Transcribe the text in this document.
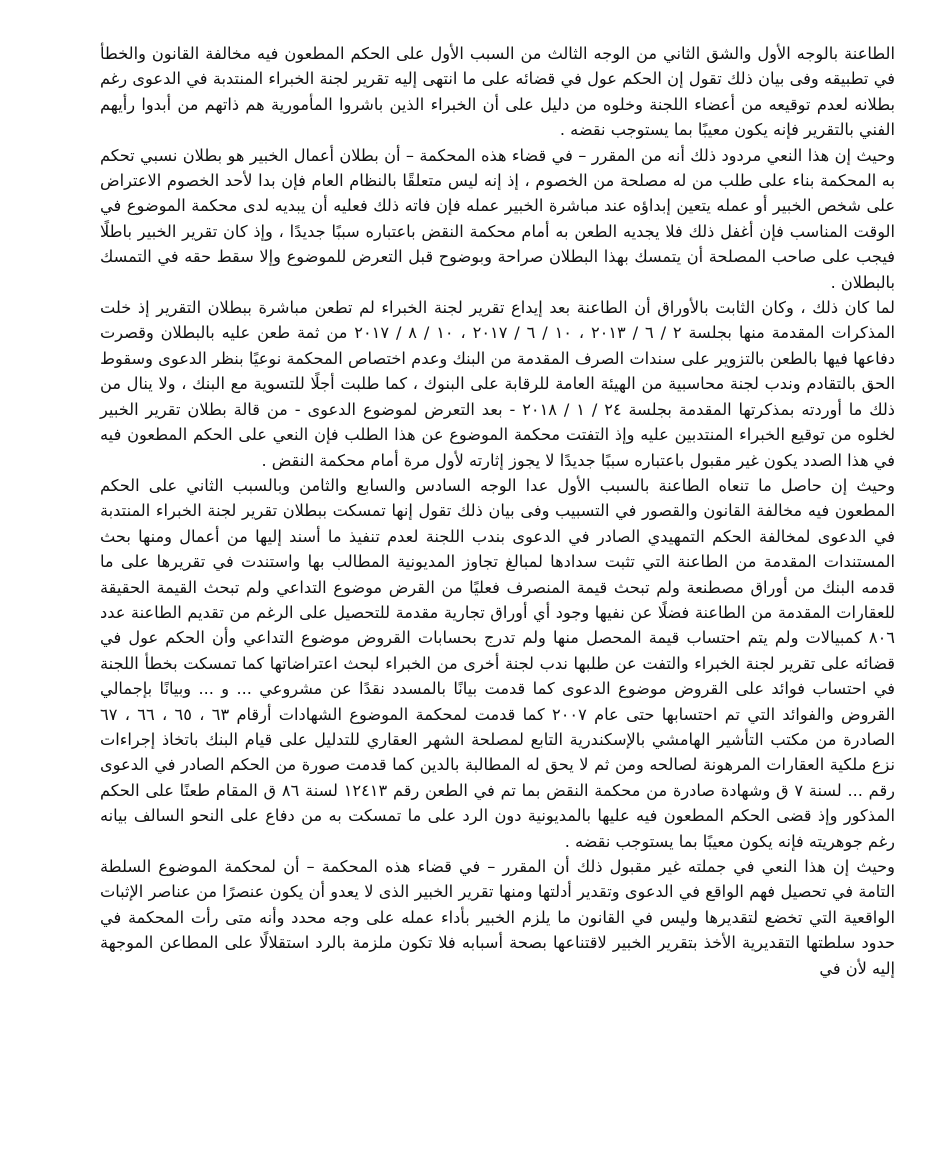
الطاعنة بالوجه الأول والشق الثاني من الوجه الثالث من السبب الأول على الحكم المطعون فيه مخالفة القانون والخطأ في تطبيقه وفى بيان ذلك تقول إن الحكم عول في قضائه على ما انتهى إليه تقرير لجنة الخبراء المنتدبة في الدعوى رغم بطلانه لعدم توقيعه من أعضاء اللجنة وخلوه من دليل على أن الخبراء الذين باشروا المأمورية هم ذاتهم من أبدوا رأيهم الفني بالتقرير فإنه يكون معيبًا بما يستوجب نقضه .

وحيث إن هذا النعي مردود ذلك أنه من المقرر – في قضاء هذه المحكمة – أن بطلان أعمال الخبير هو بطلان نسبي تحكم به المحكمة بناء على طلب من له مصلحة من الخصوم ، إذ إنه ليس متعلقًا بالنظام العام فإن بدا لأحد الخصوم الاعتراض على شخص الخبير أو عمله يتعين إبداؤه عند مباشرة الخبير عمله فإن فاته ذلك فعليه أن يبديه لدى محكمة الموضوع في الوقت المناسب فإن أغفل ذلك فلا يجديه الطعن به أمام محكمة النقض باعتباره سببًا جديدًا ، وإذ كان تقرير الخبير باطلًا فيجب على صاحب المصلحة أن يتمسك بهذا البطلان صراحة وبوضوح قبل التعرض للموضوع وإلا سقط حقه في التمسك بالبطلان .

لما كان ذلك ، وكان الثابت بالأوراق أن الطاعنة بعد إيداع تقرير لجنة الخبراء لم تطعن مباشرة ببطلان التقرير إذ خلت المذكرات المقدمة منها بجلسة ٢ / ٦ / ٢٠١٣ ، ١٠ / ٦ / ٢٠١٧ ، ١٠ / ٨ / ٢٠١٧ من ثمة طعن عليه بالبطلان وقصرت دفاعها فيها بالطعن بالتزوير على سندات الصرف المقدمة من البنك وعدم اختصاص المحكمة نوعيًا بنظر الدعوى وسقوط الحق بالتقادم وندب لجنة محاسبية من الهيئة العامة للرقابة على البنوك ، كما طلبت أجلًا للتسوية مع البنك ، ولا ينال من ذلك ما أوردته بمذكرتها المقدمة بجلسة ٢٤ / ١ / ٢٠١٨ - بعد التعرض لموضوع الدعوى - من قالة بطلان تقرير الخبير لخلوه من توقيع الخبراء المنتدبين عليه وإذ التفتت محكمة الموضوع عن هذا الطلب فإن النعي على الحكم المطعون فيه في هذا الصدد يكون غير مقبول باعتباره سببًا جديدًا لا يجوز إثارته لأول مرة أمام محكمة النقض .

وحيث إن حاصل ما تنعاه الطاعنة بالسبب الأول عدا الوجه السادس والسابع والثامن وبالسبب الثاني على الحكم المطعون فيه مخالفة القانون والقصور في التسبيب وفى بيان ذلك تقول إنها تمسكت ببطلان تقرير لجنة الخبراء المنتدبة في الدعوى لمخالفة الحكم التمهيدي الصادر في الدعوى بندب اللجنة لعدم تنفيذ ما أسند إليها من أعمال ومنها بحث المستندات المقدمة من الطاعنة التي تثبت سدادها لمبالغ تجاوز المديونية المطالب بها واستندت في تقريرها على ما قدمه البنك من أوراق مصطنعة ولم تبحث قيمة المنصرف فعليًا من القرض موضوع التداعي ولم تبحث القيمة الحقيقة للعقارات المقدمة من الطاعنة فضلًا عن نفيها وجود أي أوراق تجارية مقدمة للتحصيل على الرغم من تقديم الطاعنة عدد ٨٠٦ كمبيالات ولم يتم احتساب قيمة المحصل منها ولم تدرج بحسابات القروض موضوع التداعي وأن الحكم عول في قضائه على تقرير لجنة الخبراء والتفت عن طلبها ندب لجنة أخرى من الخبراء لبحث اعتراضاتها كما تمسكت بخطأ اللجنة في احتساب فوائد على القروض موضوع الدعوى كما قدمت بيانًا بالمسدد نقدًا عن مشروعي ... و ... وبيانًا بإجمالي القروض والفوائد التي تم احتسابها حتى عام ٢٠٠٧ كما قدمت لمحكمة الموضوع الشهادات أرقام ٦٣ ، ٦٥ ، ٦٦ ، ٦٧ الصادرة من مكتب التأشير الهامشي بالإسكندرية التابع لمصلحة الشهر العقاري للتدليل على قيام البنك باتخاذ إجراءات نزع ملكية العقارات المرهونة لصالحه ومن ثم لا يحق له المطالبة بالدين كما قدمت صورة من الحكم الصادر في الدعوى رقم ... لسنة ٧ ق وشهادة صادرة من محكمة النقض بما تم في الطعن رقم ١٢٤١٣ لسنة ٨٦ ق المقام طعنًا على الحكم المذكور وإذ قضى الحكم المطعون فيه عليها بالمديونية دون الرد على ما تمسكت به من دفاع على النحو السالف بيانه رغم جوهريته فإنه يكون معيبًا بما يستوجب نقضه .

وحيث إن هذا النعي في جملته غير مقبول ذلك أن المقرر – في قضاء هذه المحكمة – أن لمحكمة الموضوع السلطة التامة في تحصيل فهم الواقع في الدعوى وتقدير أدلتها ومنها تقرير الخبير الذى لا يعدو أن يكون عنصرًا من عناصر الإثبات الواقعية التي تخضع لتقديرها وليس في القانون ما يلزم الخبير بأداء عمله على وجه محدد وأنه متى رأت المحكمة في حدود سلطتها التقديرية الأخذ بتقرير الخبير لاقتناعها بصحة أسبابه فلا تكون ملزمة بالرد استقلالًا على المطاعن الموجهة إليه لأن في
